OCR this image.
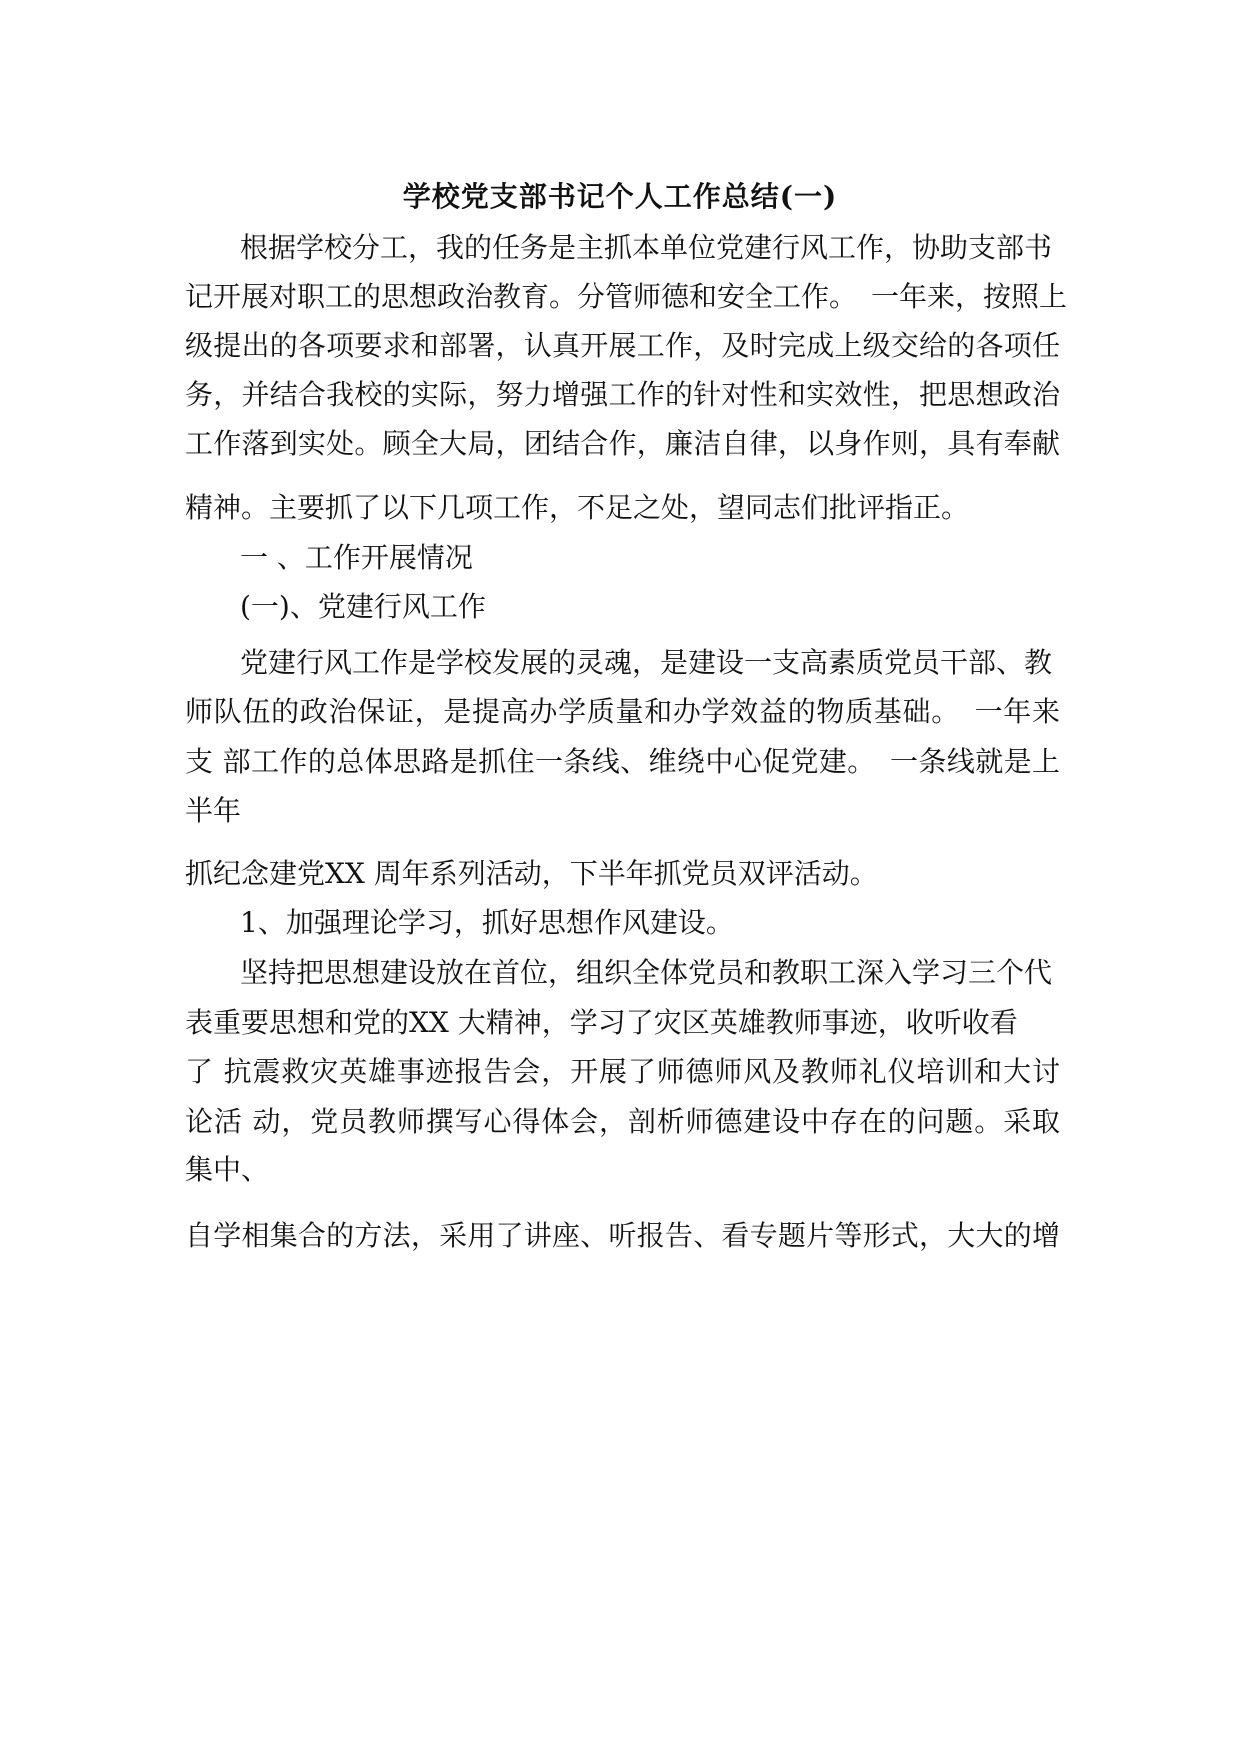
学校党支部书记个人工作总结(一)
根据学校分工，我的任务是主抓本单位党建行风工作，协助支部书
记开展对职工的思想政治教育。分管师德和安全工作。　一年来，按照上
级提出的各项要求和部署，认真开展工作，及时完成上级交给的各项任
务，并结合我校的实际，努力增强工作的针对性和实效性，把思想政治
工作落到实处。顾全大局，团结合作，廉洁自律，以身作则，具有奉献
精神。主要抓了以下几项工作，不足之处，望同志们批评指正。
一 、工作开展情况
(一)、党建行风工作
党建行风工作是学校发展的灵魂，是建设一支高素质党员干部、教
师队伍的政治保证，是提高办学质量和办学效益的物质基础。　一年来
支 部工作的总体思路是抓住一条线、维绕中心促党建。　一条线就是上
半年
抓纪念建党XX 周年系列活动，下半年抓党员双评活动。
1、加强理论学习，抓好思想作风建设。
坚持把思想建设放在首位，组织全体党员和教职工深入学习三个代
表重要思想和党的XX 大精神，学习了灾区英雄教师事迹，收听收看
了 抗震救灾英雄事迹报告会，开展了师德师风及教师礼仪培训和大讨
论活 动，党员教师撰写心得体会，剖析师德建设中存在的问题。采取
集中、
自学相集合的方法，采用了讲座、听报告、看专题片等形式，大大的增
